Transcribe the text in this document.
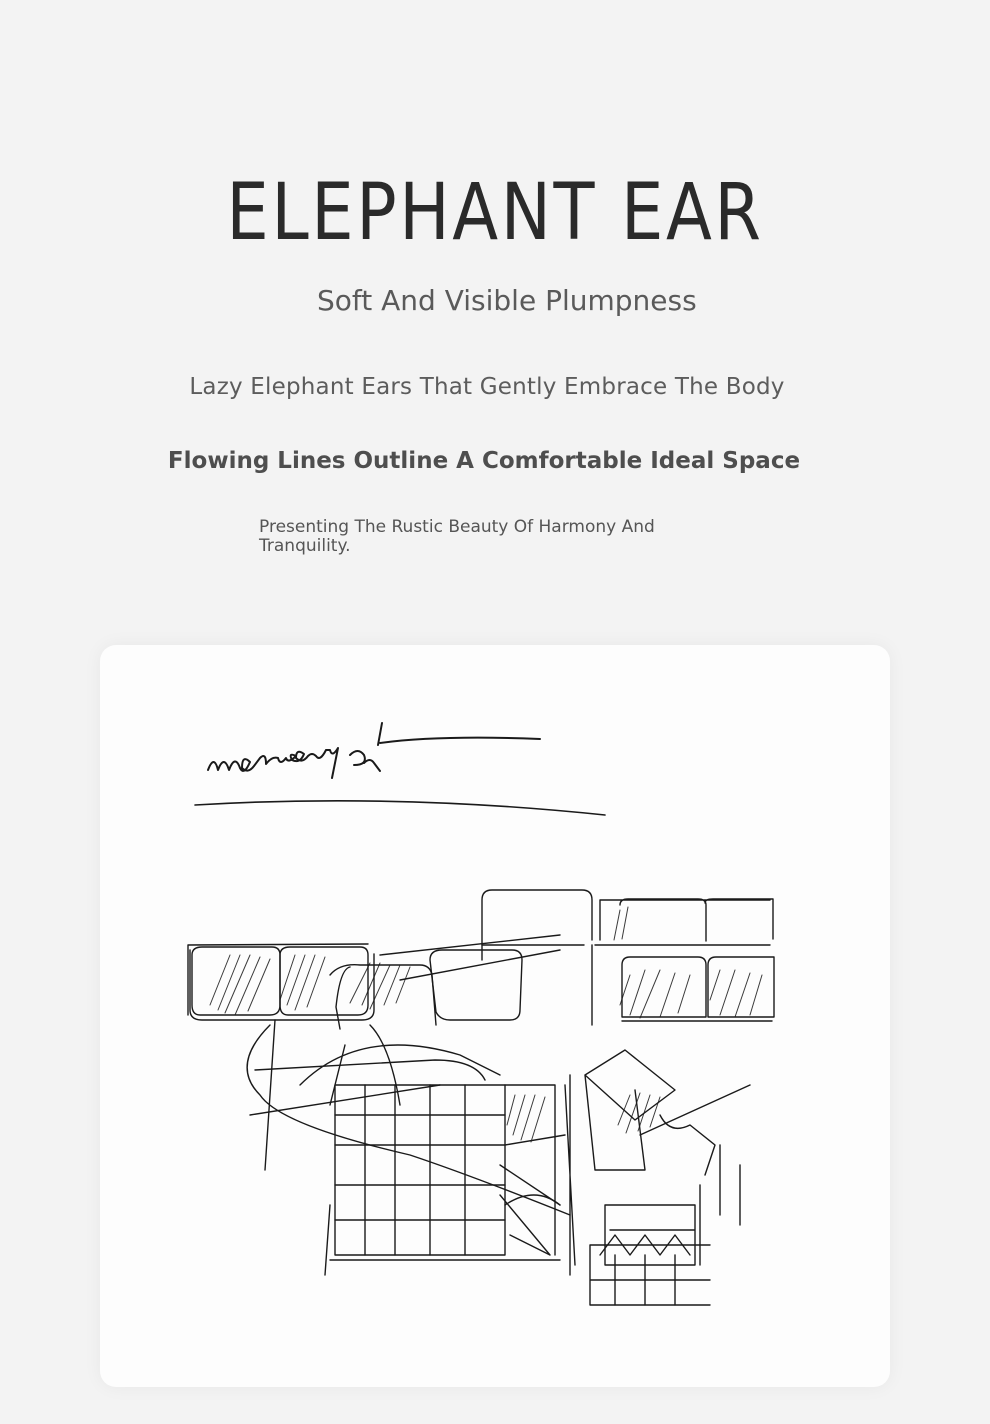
ELEPHANT EAR
Soft And Visible Plumpness
Lazy Elephant Ears That Gently Embrace The Body
Flowing Lines Outline A Comfortable Ideal Space
Presenting The Rustic Beauty Of Harmony And Tranquility.
